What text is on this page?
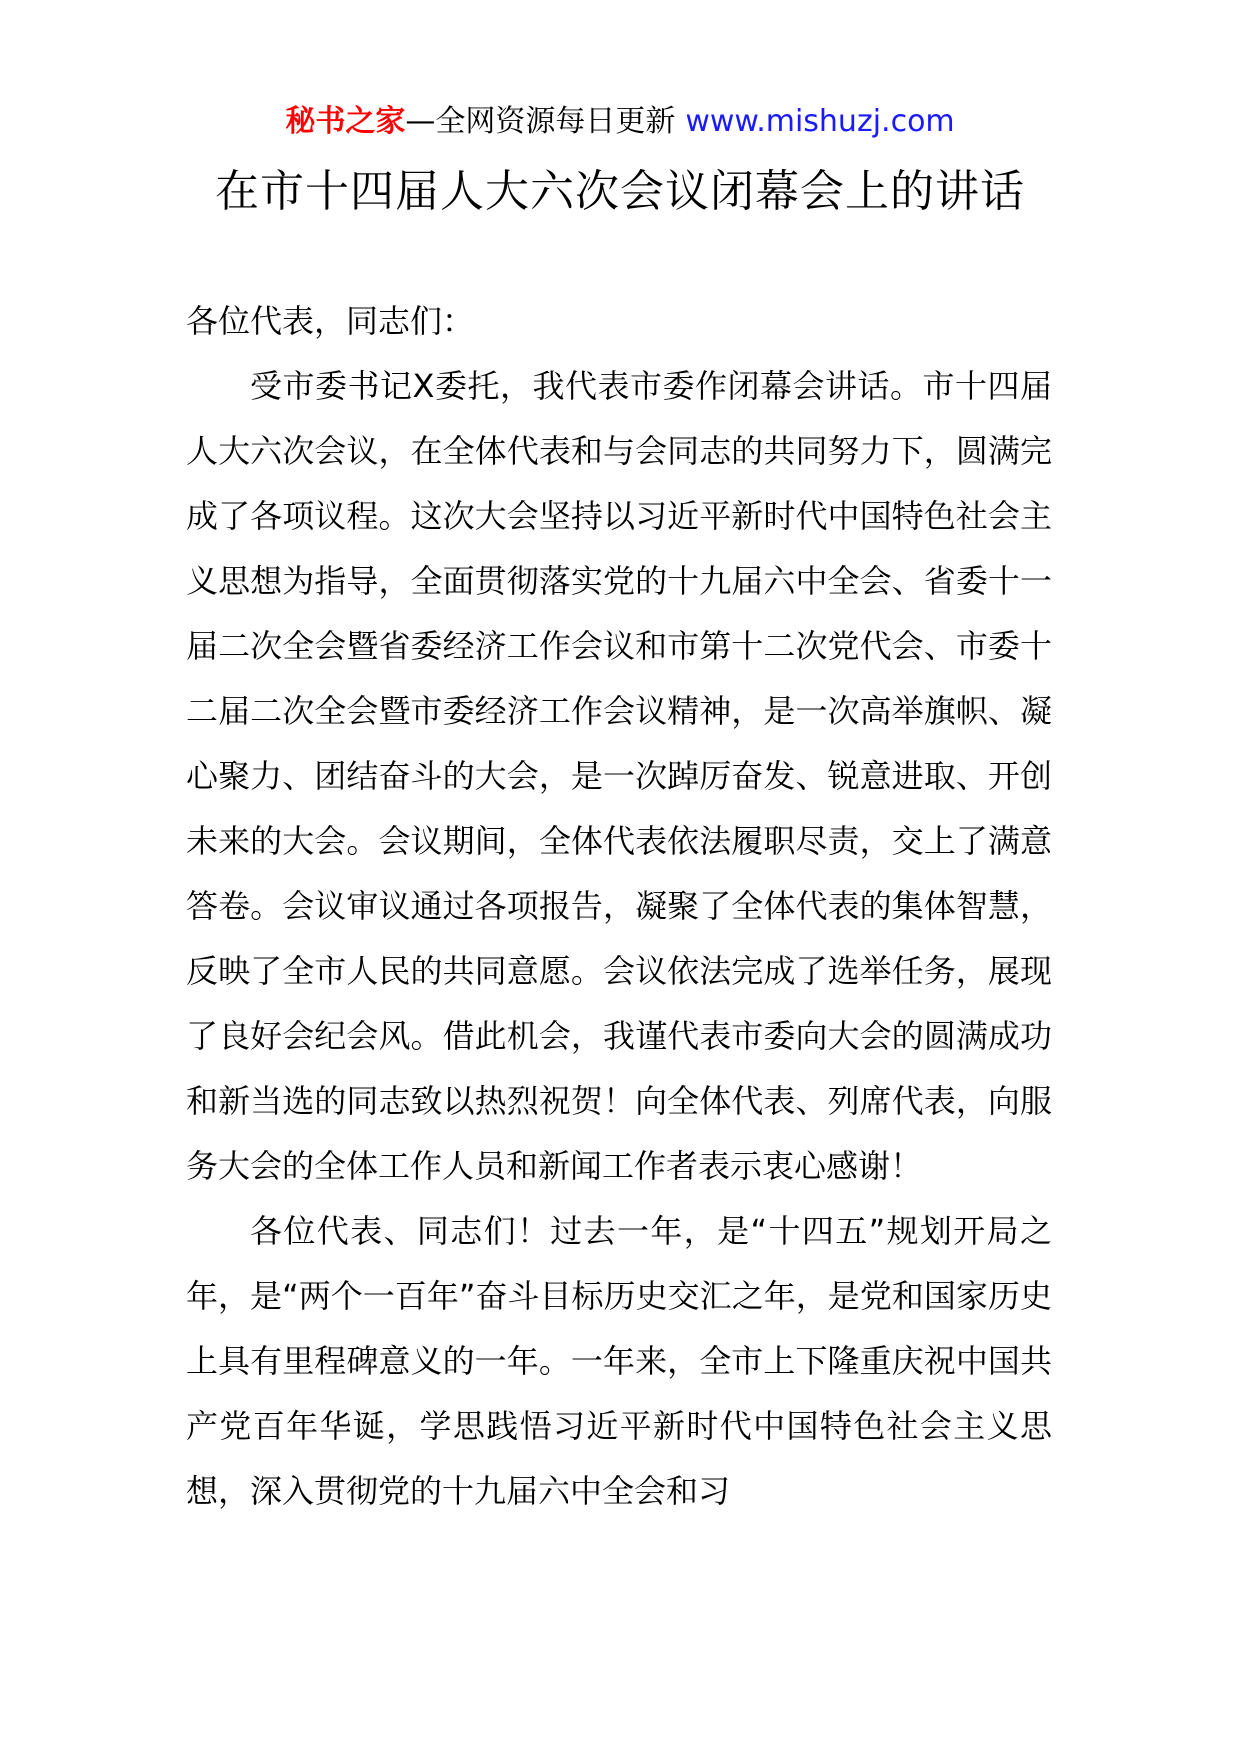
秘书之家—全网资源每日更新 www.mishuzj.com
在市十四届人大六次会议闭幕会上的讲话

各位代表，同志们：

受市委书记X委托，我代表市委作闭幕会讲话。市十四届人大六次会议，在全体代表和与会同志的共同努力下，圆满完成了各项议程。这次大会坚持以习近平新时代中国特色社会主义思想为指导，全面贯彻落实党的十九届六中全会、省委十一届二次全会暨省委经济工作会议和市第十二次党代会、市委十二届二次全会暨市委经济工作会议精神，是一次高举旗帜、凝心聚力、团结奋斗的大会，是一次踔厉奋发、锐意进取、开创未来的大会。会议期间，全体代表依法履职尽责，交上了满意答卷。会议审议通过各项报告，凝聚了全体代表的集体智慧，反映了全市人民的共同意愿。会议依法完成了选举任务，展现了良好会纪会风。借此机会，我谨代表市委向大会的圆满成功和新当选的同志致以热烈祝贺！向全体代表、列席代表，向服务大会的全体工作人员和新闻工作者表示衷心感谢！

各位代表、同志们！过去一年，是“十四五”规划开局之年，是“两个一百年”奋斗目标历史交汇之年，是党和国家历史上具有里程碑意义的一年。一年来，全市上下隆重庆祝中国共产党百年华诞，学思践悟习近平新时代中国特色社会主义思想，深入贯彻党的十九届六中全会和习
